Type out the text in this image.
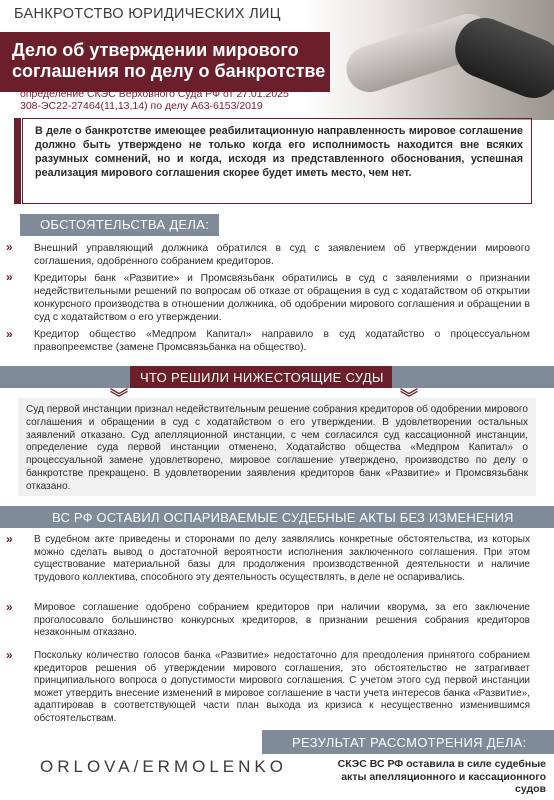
БАНКРОТСТВО ЮРИДИЧЕСКИХ ЛИЦ
Дело об утверждении мирового
соглашения по делу о банкротстве
определение СКЭС Верховного Суда РФ от 27.01.2025
308-ЭС22-27464(11,13,14) по делу А63-6153/2019
В деле о банкротстве имеющее реабилитационную направленность мировое соглашение должно быть утверждено не только когда его исполнимость находится вне всяких разумных сомнений, но и когда, исходя из представленного обоснования, успешная реализация мирового соглашения скорее будет иметь место, чем нет.
ОБСТОЯТЕЛЬСТВА ДЕЛА:
» Внешний управляющий должника обратился в суд с заявлением об утверждении мирового соглашения, одобренного собранием кредиторов.
» Кредиторы банк «Развитие» и Промсвязьбанк обратились в суд с заявлениями о признании недействительными решений по вопросам об отказе от обращения в суд с ходатайством об открытии конкурсного производства в отношении должника, об одобрении мирового соглашения и обращении в суд с ходатайством о его утверждении.
» Кредитор общество «Медпром Капитал» направило в суд ходатайство о процессуальном правопреемстве (замене Промсвязьбанка на общество).
ЧТО РЕШИЛИ НИЖЕСТОЯЩИЕ СУДЫ
Суд первой инстанции признал недействительным решение собрания кредиторов об одобрении мирового соглашения и обращении в суд с ходатайством о его утверждении. В удовлетворении остальных заявлений отказано. Суд апелляционной инстанции, с чем согласился суд кассационной инстанции, определение суда первой инстанции отменено, Ходатайство общества «Медпром Капитал» о процессуальной замене удовлетворено, мировое соглашение утверждено, производство по делу о банкротстве прекращено. В удовлетворении заявления кредиторов банк «Развитие» и Промсвязьбанк отказано.
ВС РФ ОСТАВИЛ ОСПАРИВАЕМЫЕ СУДЕБНЫЕ АКТЫ БЕЗ ИЗМЕНЕНИЯ
» В судебном акте приведены и сторонами по делу заявлялись конкретные обстоятельства, из которых можно сделать вывод о достаточной вероятности исполнения заключенного соглашения. При этом существование материальной базы для продолжения производственной деятельности и наличие трудового коллектива, способного эту деятельность осуществлять, в деле не оспаривались.
» Мировое соглашение одобрено собранием кредиторов при наличии кворума, за его заключение проголосовало большинство конкурсных кредиторов, в признании решения собрания кредиторов незаконным отказано.
» Поскольку количество голосов банка «Развитие» недостаточно для преодоления принятого собранием кредиторов решения об утверждении мирового соглашения, это обстоятельство не затрагивает принципиального вопроса о допустимости мирового соглашения. С учетом этого суд первой инстанции может утвердить внесение изменений в мировое соглашение в части учета интересов банка «Развитие», адаптировав в соответствующей части план выхода из кризиса к несущественно изменившимся обстоятельствам.
РЕЗУЛЬТАТ РАССМОТРЕНИЯ ДЕЛА:
СКЭС ВС РФ оставила в силе судебные
акты апелляционного и кассационного
судов
ORLOVA/ERMOLENKO
